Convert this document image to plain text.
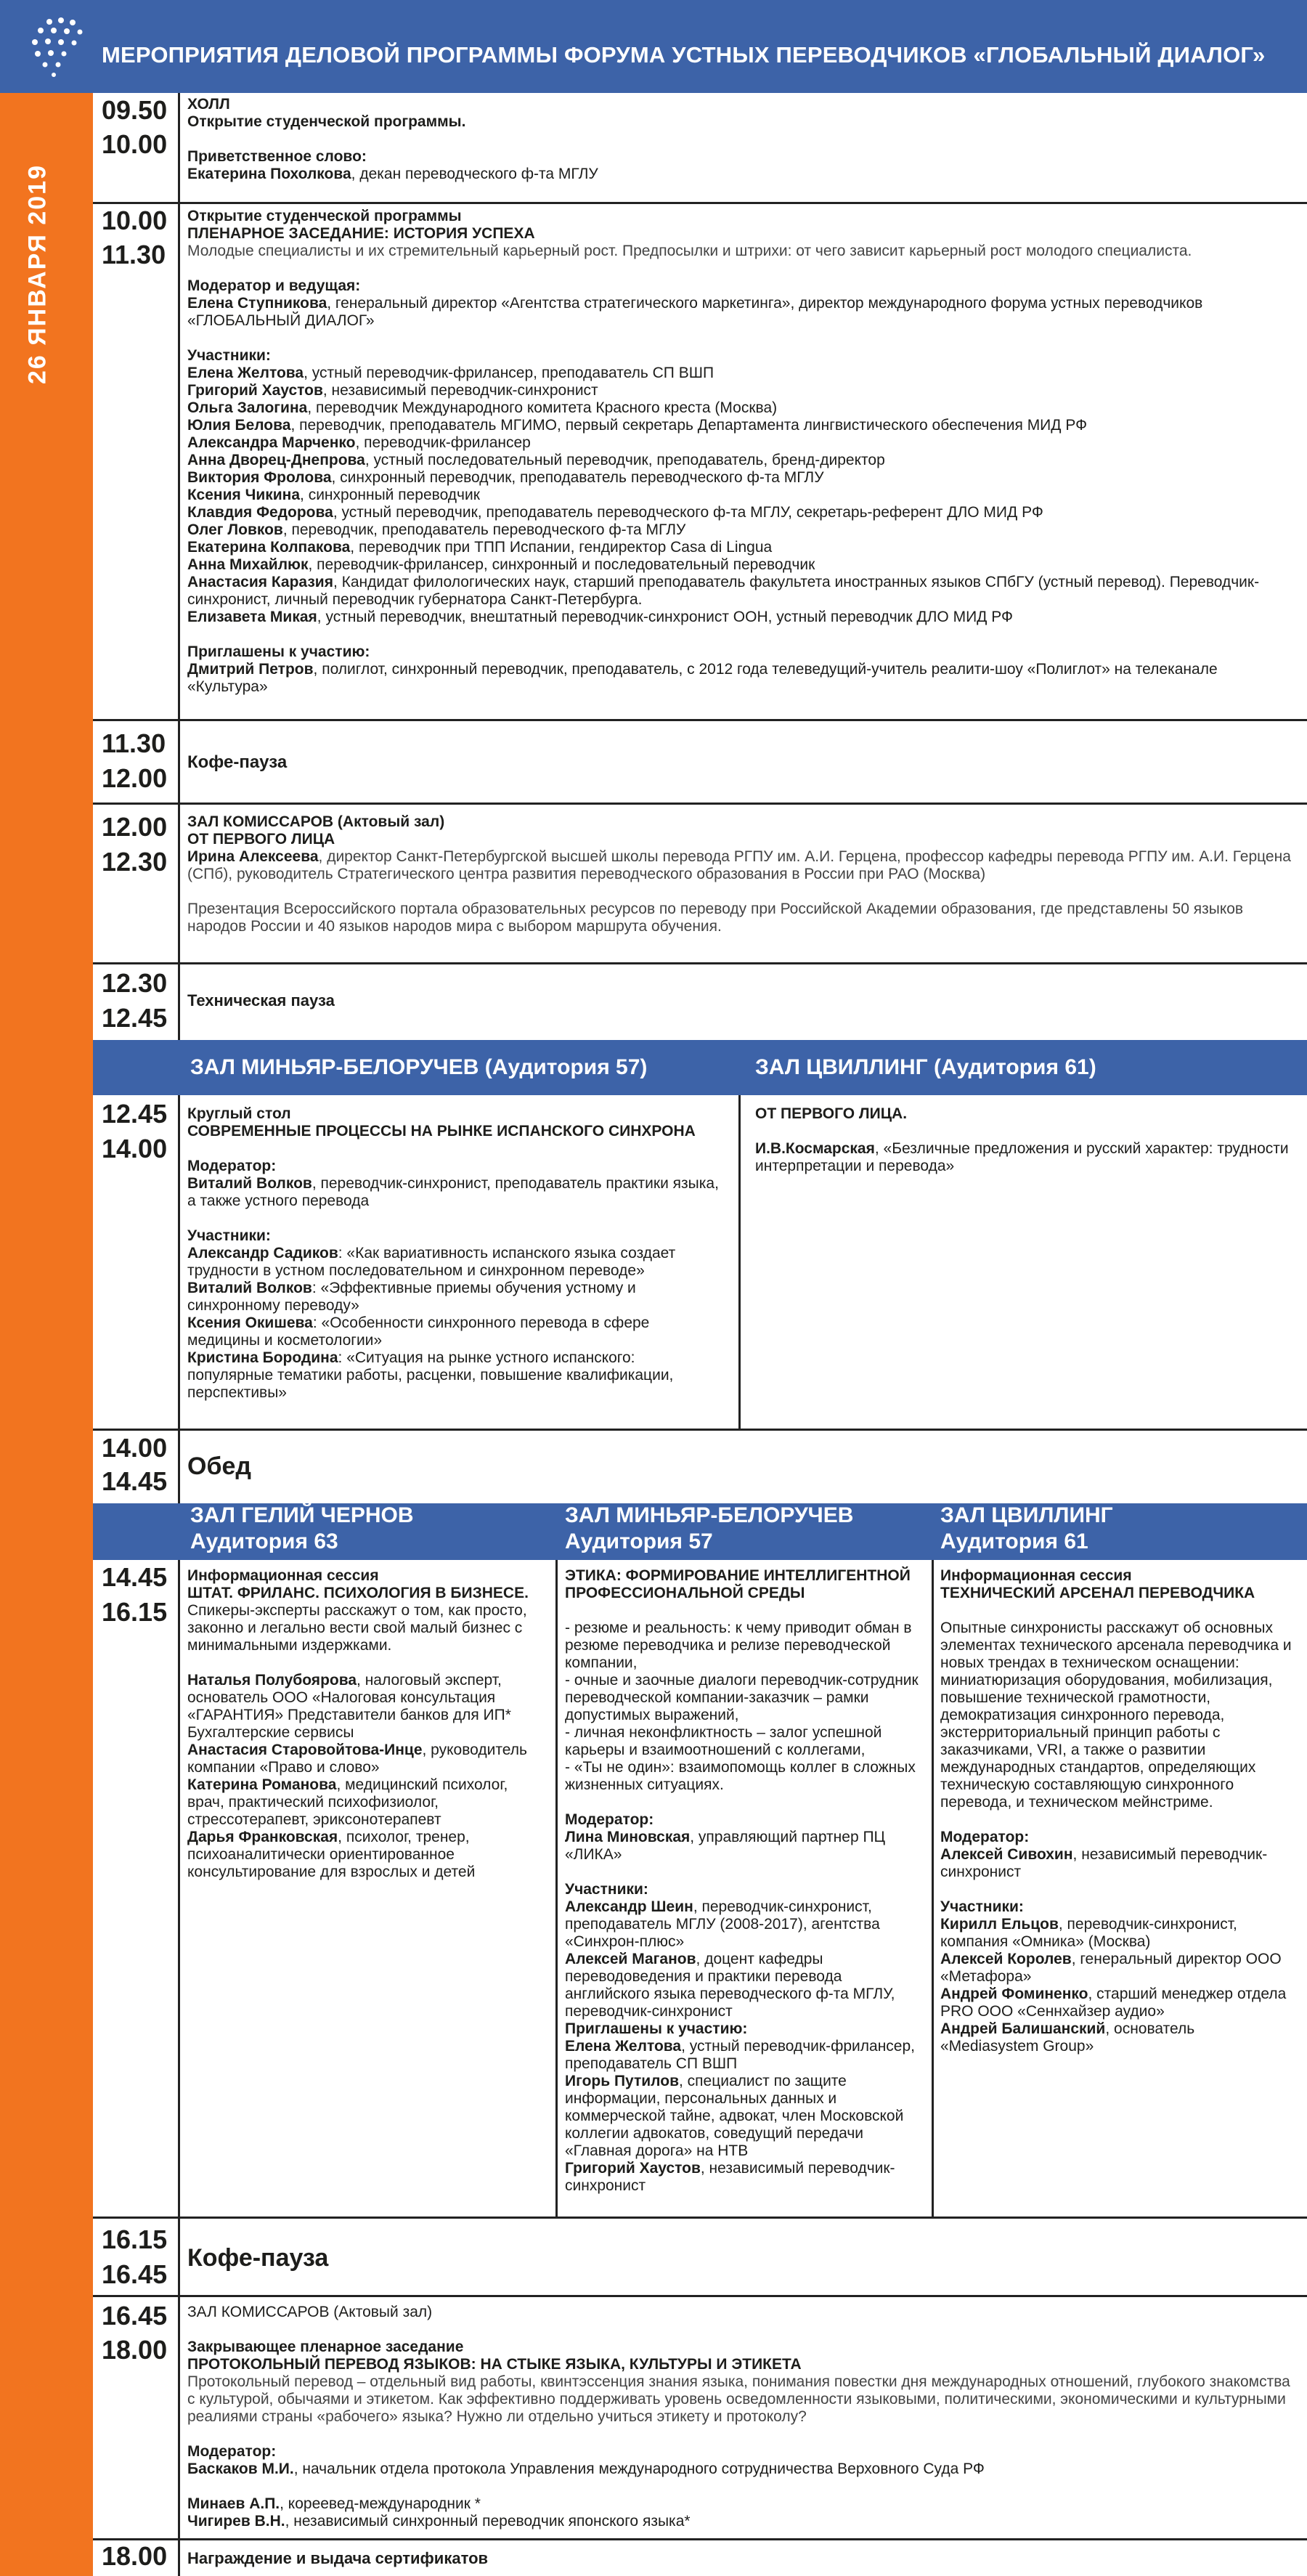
26 ЯНВАРЯ 2019
МЕРОПРИЯТИЯ ДЕЛОВОЙ ПРОГРАММЫ ФОРУМА УСТНЫХ ПЕРЕВОДЧИКОВ «ГЛОБАЛЬНЫЙ ДИАЛОГ»
09.50
10.00

ХОЛЛ

Открытие студенческой программы.

Приветственное слово:

Екатерина Похолкова, декан переводческого ф-та МГЛУ

10.00
11.30

Открытие студенческой программы

ПЛЕНАРНОЕ ЗАСЕДАНИЕ: ИСТОРИЯ УСПЕХА

Молодые специалисты и их стремительный карьерный рост. Предпосылки и штрихи: от чего зависит карьерный рост молодого специалиста.

Модератор и ведущая:

Елена Ступникова, генеральный директор «Агентства стратегического маркетинга», директор международного форума устных переводчиков «ГЛОБАЛЬНЫЙ ДИАЛОГ»

Участники:

Елена Желтова, устный переводчик-фрилансер, преподаватель СП ВШП

Григорий Хаустов, независимый переводчик-синхронист

Ольга Залогина, переводчик Международного комитета Красного креста (Москва)

Юлия Белова, переводчик, преподаватель МГИМО, первый секретарь Департамента лингвистического обеспечения МИД РФ

Александра Марченко, переводчик-фрилансер

Анна Дворец-Днепрова, устный последовательный переводчик, преподаватель, бренд-директор

Виктория Фролова, синхронный переводчик, преподаватель переводческого ф-та МГЛУ

Ксения Чикина, синхронный переводчик

Клавдия Федорова, устный переводчик, преподаватель переводческого ф-та МГЛУ, секретарь-референт ДЛО МИД РФ

Олег Ловков, переводчик, преподаватель переводческого ф-та МГЛУ

Екатерина Колпакова, переводчик при ТПП Испании, гендиректор Casa di Lingua

Анна Михайлюк, переводчик-фрилансер, синхронный и последовательный переводчик

Анастасия Каразия, Кандидат филологических наук, старший преподаватель факультета иностранных языков СПбГУ (устный перевод). Переводчик-синхронист, личный переводчик губернатора Санкт-Петербурга.

Елизавета Микая, устный переводчик, внештатный переводчик-синхронист ООН, устный переводчик ДЛО МИД РФ

Приглашены к участию:

Дмитрий Петров, полиглот, синхронный переводчик, преподаватель, с 2012 года телеведущий-учитель реалити-шоу «Полиглот» на телеканале «Культура»

11.30
12.00
Кофе-пауза
12.00
12.30

ЗАЛ КОМИССАРОВ (Актовый зал)

ОТ ПЕРВОГО ЛИЦА

Ирина Алексеева, директор Санкт-Петербургской высшей школы перевода РГПУ им. А.И. Герцена, профессор кафедры перевода РГПУ им. А.И. Герцена (СПб), руководитель Стратегического центра развития переводческого образования в России при РАО (Москва)

Презентация Всероссийского портала образовательных ресурсов по переводу при Российской Академии образования, где представлены 50 языков народов России и 40 языков народов мира с выбором маршрута обучения.

12.30
12.45
Техническая пауза
ЗАЛ МИНЬЯР-БЕЛОРУЧЕВ (Аудитория 57)	ЗАЛ ЦВИЛЛИНГ (Аудитория 61)
12.45
14.00

Круглый стол

СОВРЕМЕННЫЕ ПРОЦЕССЫ НА РЫНКЕ ИСПАНСКОГО СИНХРОНА

Модератор:

Виталий Волков, переводчик-синхронист, преподаватель практики языка, а также устного перевода

Участники:

Александр Садиков: «Как вариативность испанского языка создает трудности в устном последовательном и синхронном переводе»

Виталий Волков: «Эффективные приемы обучения устному и синхронному переводу»

Ксения Окишева: «Особенности синхронного перевода в сфере медицины и косметологии»

Кристина Бородина: «Ситуация на рынке устного испанского: популярные тематики работы, расценки, повышение квалификации, перспективы»

ОТ ПЕРВОГО ЛИЦА.

И.В.Космарская, «Безличные предложения и русский характер: трудности интерпретации и перевода»

14.00
14.45 Обед
ЗАЛ ГЕЛИЙ ЧЕРНОВ
Аудитория 63
ЗАЛ МИНЬЯР-БЕЛОРУЧЕВ
Аудитория 57
ЗАЛ ЦВИЛЛИНГ
Аудитория 61
14.45
16.15

Информационная сессия

ШТАТ. ФРИЛАНС. ПСИХОЛОГИЯ В БИЗНЕСЕ.

Спикеры-эксперты расскажут о том, как просто, законно и легально вести свой малый бизнес с минимальными издержками.

Наталья Полубоярова, налоговый эксперт, основатель ООО «Налоговая консультация «ГАРАНТИЯ» Представители банков для ИП* Бухгалтерские сервисы

Анастасия Старовойтова-Инце, руководитель компании «Право и слово»

Катерина Романова, медицинский психолог, врач, практический психофизиолог, стрессотерапевт, эриксонотерапевт

Дарья Франковская, психолог, тренер, психоаналитически ориентированное консультирование для взрослых и детей

ЭТИКА: ФОРМИРОВАНИЕ ИНТЕЛЛИГЕНТНОЙ ПРОФЕССИОНАЛЬНОЙ СРЕДЫ

- резюме и реальность: к чему приводит обман в резюме переводчика и релизе переводческой компании,

- очные и заочные диалоги переводчик-сотрудник переводческой компании-заказчик – рамки допустимых выражений,

- личная неконфликтность – залог успешной карьеры и взаимоотношений с коллегами,

- «Ты не один»: взаимопомощь коллег в сложных жизненных ситуациях.

Модератор:

Лина Миновская, управляющий партнер ПЦ «ЛИКА»

Участники:

Александр Шеин, переводчик-синхронист, преподаватель МГЛУ (2008-2017), агентства «Синхрон-плюс»

Алексей Маганов, доцент кафедры переводоведения и практики перевода английского языка переводческого ф-та МГЛУ, переводчик-синхронист

Приглашены к участию:

Елена Желтова, устный переводчик-фрилансер, преподаватель СП ВШП

Игорь Путилов, специалист по защите информации, персональных данных и коммерческой тайне, адвокат, член Московской коллегии адвокатов, соведущий передачи «Главная дорога» на НТВ

Григорий Хаустов, независимый переводчик-синхронист

Информационная сессия

ТЕХНИЧЕСКИЙ АРСЕНАЛ ПЕРЕВОДЧИКА

Опытные синхронисты расскажут об основных элементах технического арсенала переводчика и новых трендах в техническом оснащении: миниатюризация оборудования, мобилизация, повышение технической грамотности, демократизация синхронного перевода, экстерриториальный принцип работы с заказчиками, VRI, а также о развитии международных стандартов, определяющих техническую составляющую синхронного перевода, и техническом мейнстриме.

Модератор:

Алексей Сивохин, независимый переводчик-синхронист

Участники:

Кирилл Ельцов, переводчик-синхронист, компания «Омника» (Москва)

Алексей Королев, генеральный директор ООО «Метафора»

Андрей Фоминенко, старший менеджер отдела PRO ООО «Сеннхайзер аудио»

Андрей Балишанский, основатель «Mediasystem Group»

16.15
16.45
Кофе-пауза
16.45
18.00

ЗАЛ КОМИССАРОВ (Актовый зал)

Закрывающее пленарное заседание

ПРОТОКОЛЬНЫЙ ПЕРЕВОД ЯЗЫКОВ: НА СТЫКЕ ЯЗЫКА, КУЛЬТУРЫ И ЭТИКЕТА

Протокольный перевод – отдельный вид работы, квинтэссенция знания языка, понимания повестки дня международных отношений, глубокого знакомства с культурой, обычаями и этикетом. Как эффективно поддерживать уровень осведомленности языковыми, политическими, экономическими и культурными реалиями страны «рабочего» языка? Нужно ли отдельно учиться этикету и протоколу?

Модератор:

Баскаков М.И., начальник отдела протокола Управления международного сотрудничества Верховного Суда РФ

Минаев А.П., кореевед-международник *

Чигирев В.Н., независимый синхронный переводчик японского языка*

18.00	Награждение и выдача сертификатов
